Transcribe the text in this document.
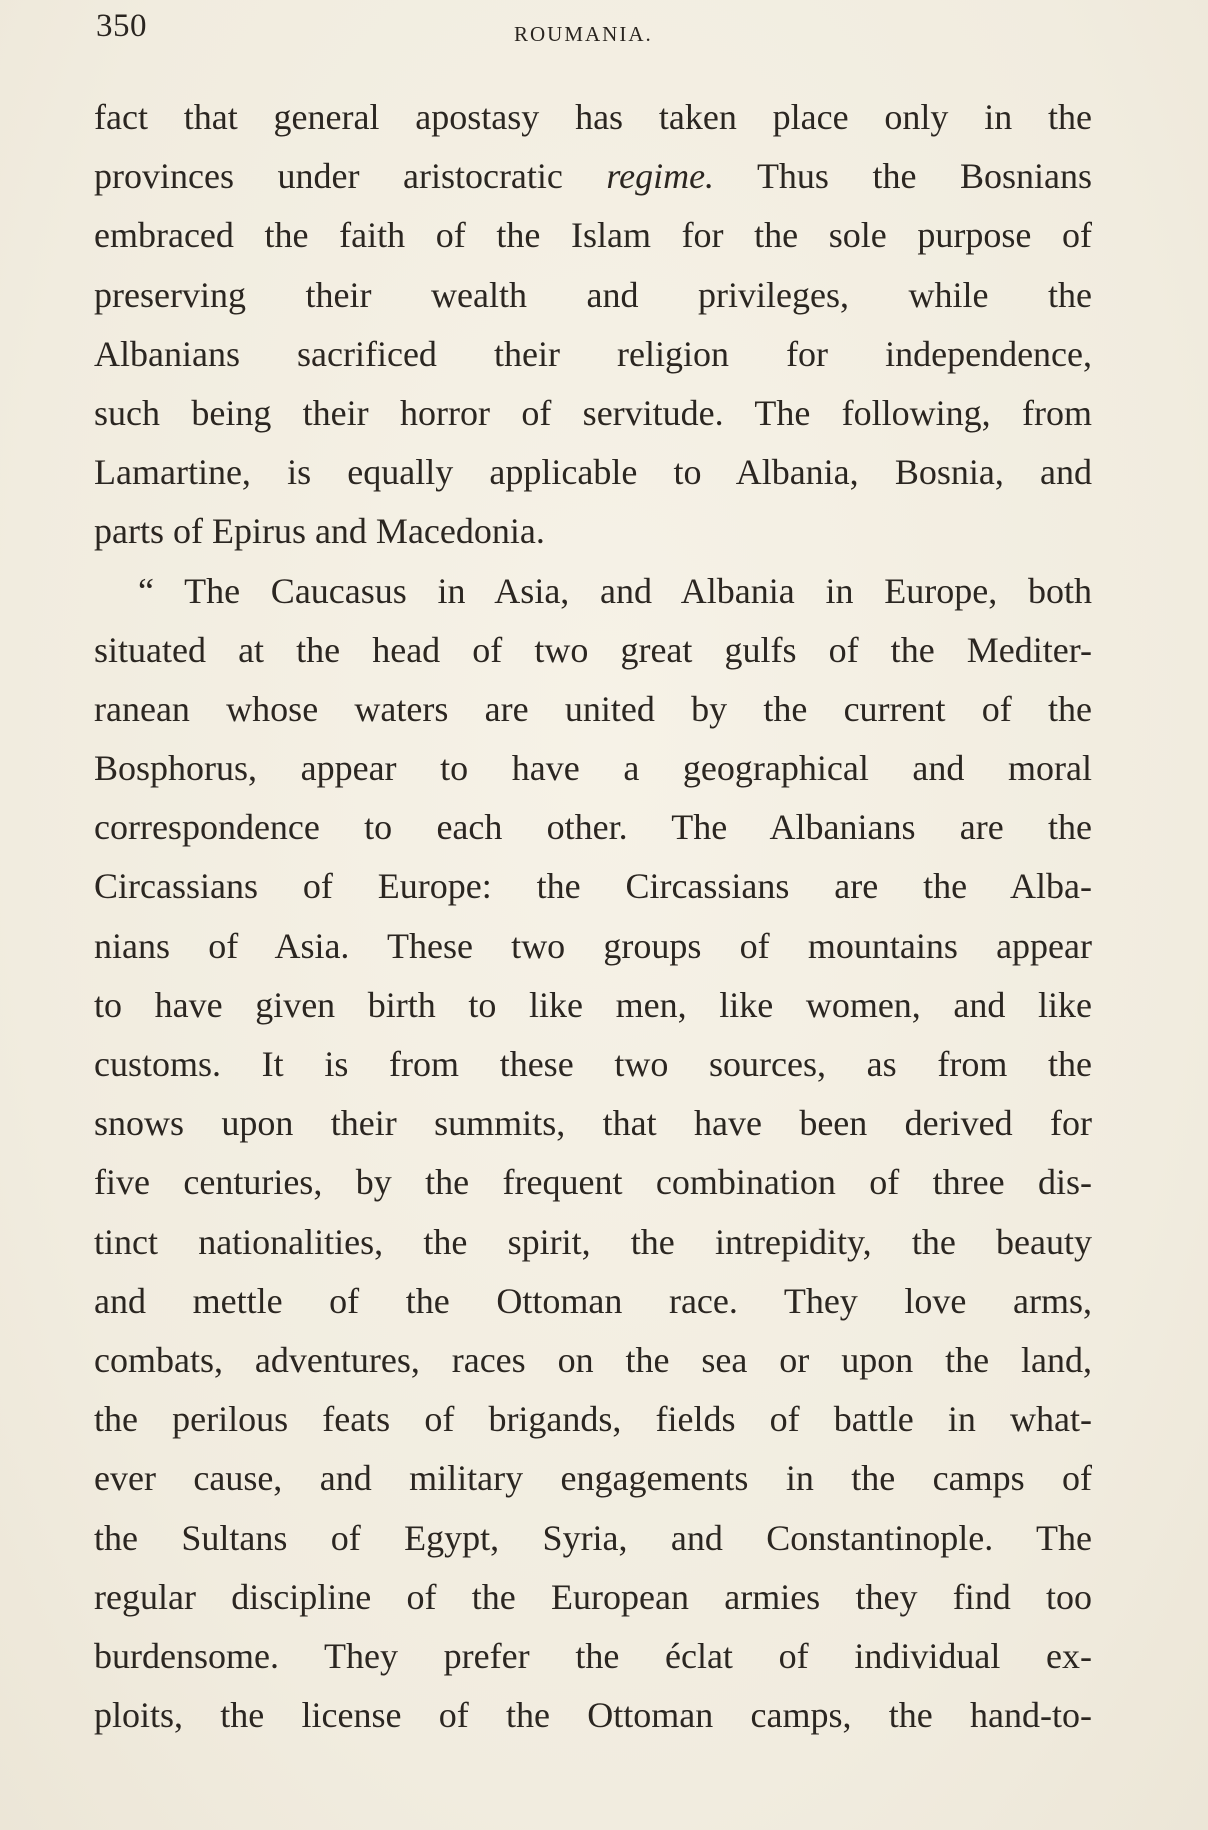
350	ROUMANIA.
fact that general apostasy has taken place only in the
provinces under aristocratic regime. Thus the Bosnians
embraced the faith of the Islam for the sole purpose of
preserving their wealth and privileges, while the
Albanians sacrificed their religion for independence,
such being their horror of servitude. The following, from
Lamartine, is equally applicable to Albania, Bosnia, and
parts of Epirus and Macedonia.
“ The Caucasus in Asia, and Albania in Europe, both
situated at the head of two great gulfs of the Mediter-
ranean whose waters are united by the current of the
Bosphorus, appear to have a geographical and moral
correspondence to each other. The Albanians are the
Circassians of Europe: the Circassians are the Alba-
nians of Asia. These two groups of mountains appear
to have given birth to like men, like women, and like
customs. It is from these two sources, as from the
snows upon their summits, that have been derived for
five centuries, by the frequent combination of three dis-
tinct nationalities, the spirit, the intrepidity, the beauty
and mettle of the Ottoman race. They love arms,
combats, adventures, races on the sea or upon the land,
the perilous feats of brigands, fields of battle in what-
ever cause, and military engagements in the camps of
the Sultans of Egypt, Syria, and Constantinople. The
regular discipline of the European armies they find too
burdensome. They prefer the éclat of individual ex-
ploits, the license of the Ottoman camps, the hand-to-
